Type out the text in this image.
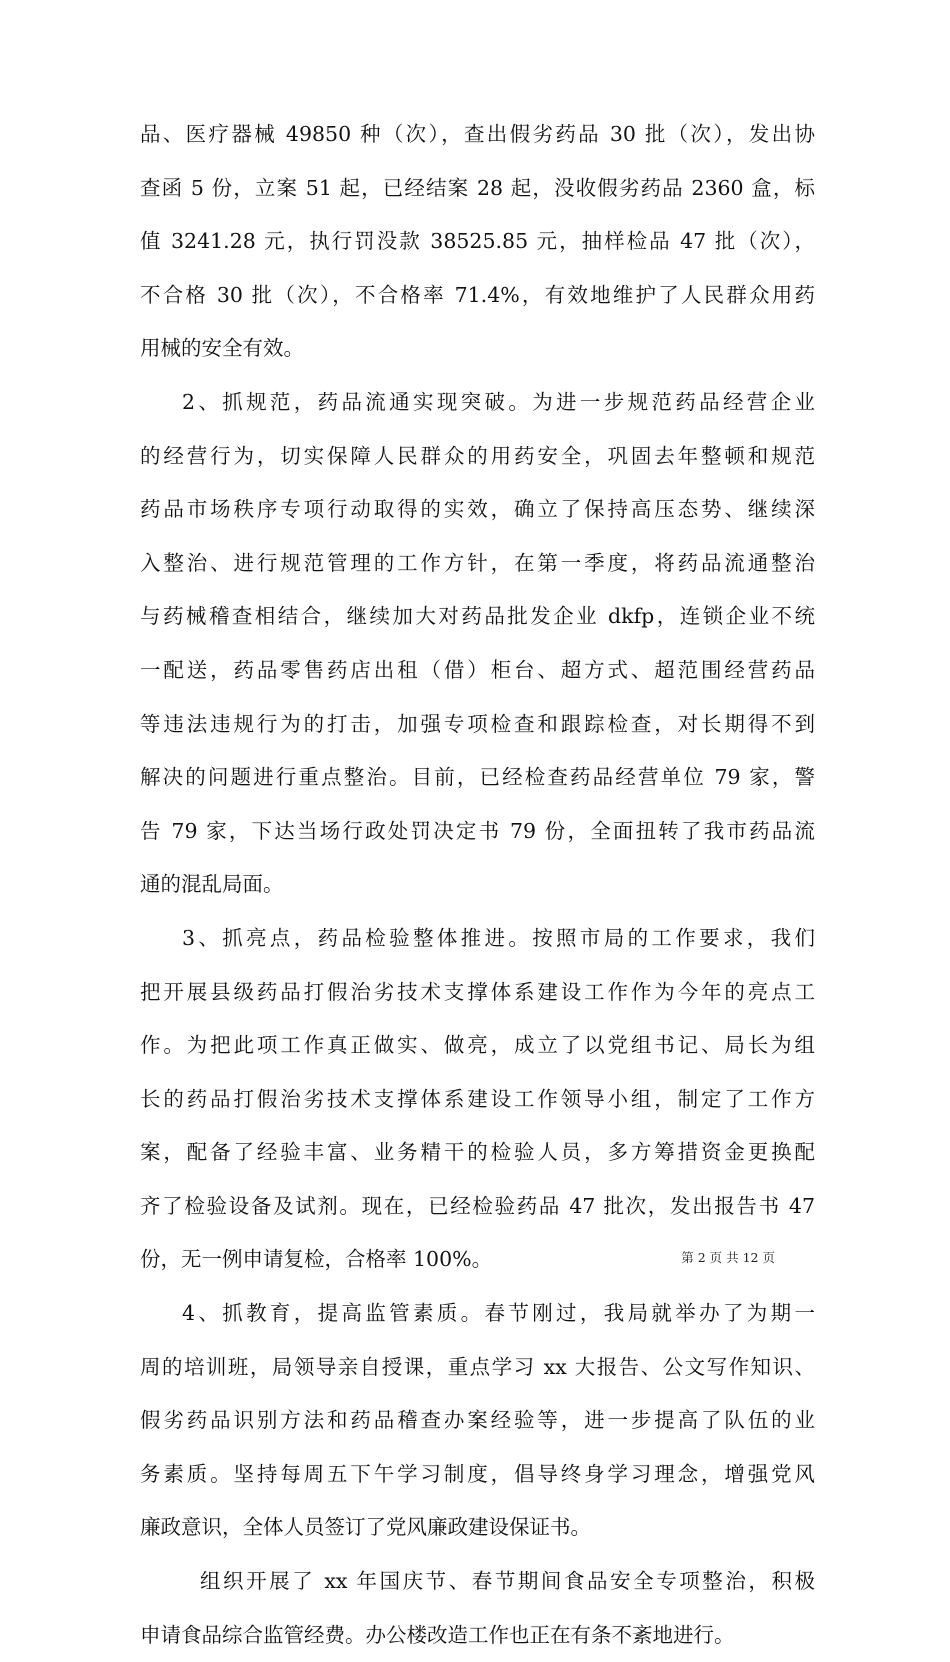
品、医疗器械 49850 种（次），查出假劣药品 30 批（次），发出协
查函 5 份，立案 51 起，已经结案 28 起，没收假劣药品 2360 盒，标
值 3241.28 元，执行罚没款 38525.85 元，抽样检品 47 批（次），
不合格 30 批（次），不合格率 71.4%，有效地维护了人民群众用药
用械的安全有效。
2、抓规范，药品流通实现突破。为进一步规范药品经营企业
的经营行为，切实保障人民群众的用药安全，巩固去年整顿和规范
药品市场秩序专项行动取得的实效，确立了保持高压态势、继续深
入整治、进行规范管理的工作方针，在第一季度，将药品流通整治
与药械稽查相结合，继续加大对药品批发企业 dkfp，连锁企业不统
一配送，药品零售药店出租（借）柜台、超方式、超范围经营药品
等违法违规行为的打击，加强专项检查和跟踪检查，对长期得不到
解决的问题进行重点整治。目前，已经检查药品经营单位 79 家，警
告 79 家，下达当场行政处罚决定书 79 份，全面扭转了我市药品流
通的混乱局面。
3、抓亮点，药品检验整体推进。按照市局的工作要求，我们
把开展县级药品打假治劣技术支撑体系建设工作作为今年的亮点工
作。为把此项工作真正做实、做亮，成立了以党组书记、局长为组
长的药品打假治劣技术支撑体系建设工作领导小组，制定了工作方
案，配备了经验丰富、业务精干的检验人员，多方筹措资金更换配
齐了检验设备及试剂。现在，已经检验药品 47 批次，发出报告书 47
份，无一例申请复检，合格率 100%。
4、抓教育，提高监管素质。春节刚过，我局就举办了为期一
周的培训班，局领导亲自授课，重点学习 xx 大报告、公文写作知识、
假劣药品识别方法和药品稽查办案经验等，进一步提高了队伍的业
务素质。坚持每周五下午学习制度，倡导终身学习理念，增强党风
廉政意识，全体人员签订了党风廉政建设保证书。
组织开展了 xx 年国庆节、春节期间食品安全专项整治，积极
申请食品综合监管经费。办公楼改造工作也正在有条不紊地进行。
第 2 页 共 12 页
